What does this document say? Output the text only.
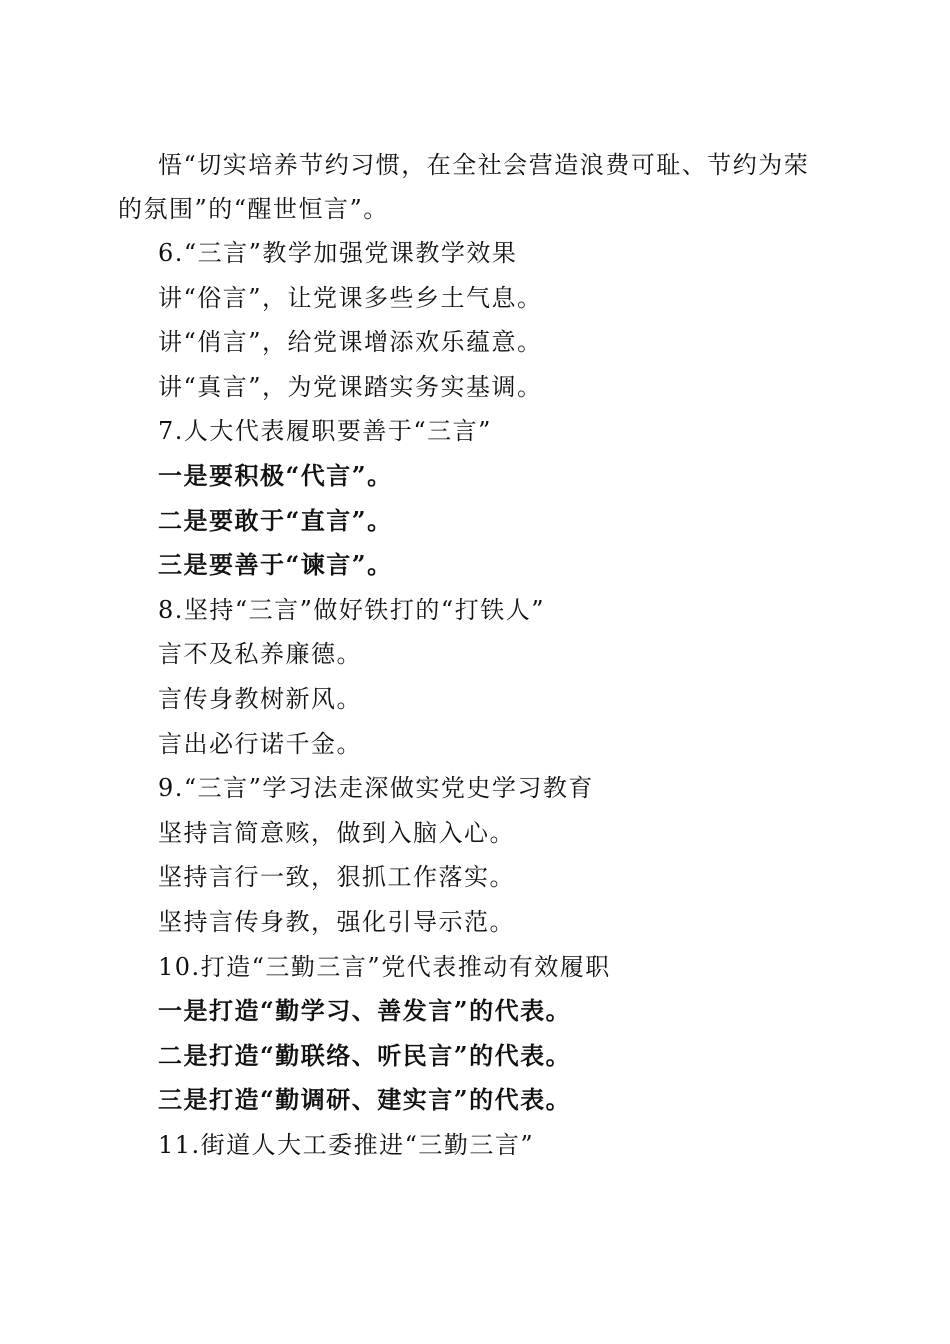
悟“切实培养节约习惯，在全社会营造浪费可耻、节约为荣的氛围”的“醒世恒言”。

6.“三言”教学加强党课教学效果
讲“俗言”，让党课多些乡土气息。
讲“俏言”，给党课增添欢乐蕴意。
讲“真言”，为党课踏实务实基调。
7.人大代表履职要善于“三言”
一是要积极“代言”。
二是要敢于“直言”。
三是要善于“谏言”。
8.坚持“三言”做好铁打的“打铁人”
言不及私养廉德。
言传身教树新风。
言出必行诺千金。
9.“三言”学习法走深做实党史学习教育
坚持言简意赅，做到入脑入心。
坚持言行一致，狠抓工作落实。
坚持言传身教，强化引导示范。
10.打造“三勤三言”党代表推动有效履职
一是打造“勤学习、善发言”的代表。
二是打造“勤联络、听民言”的代表。
三是打造“勤调研、建实言”的代表。
11.街道人大工委推进“三勤三言”
